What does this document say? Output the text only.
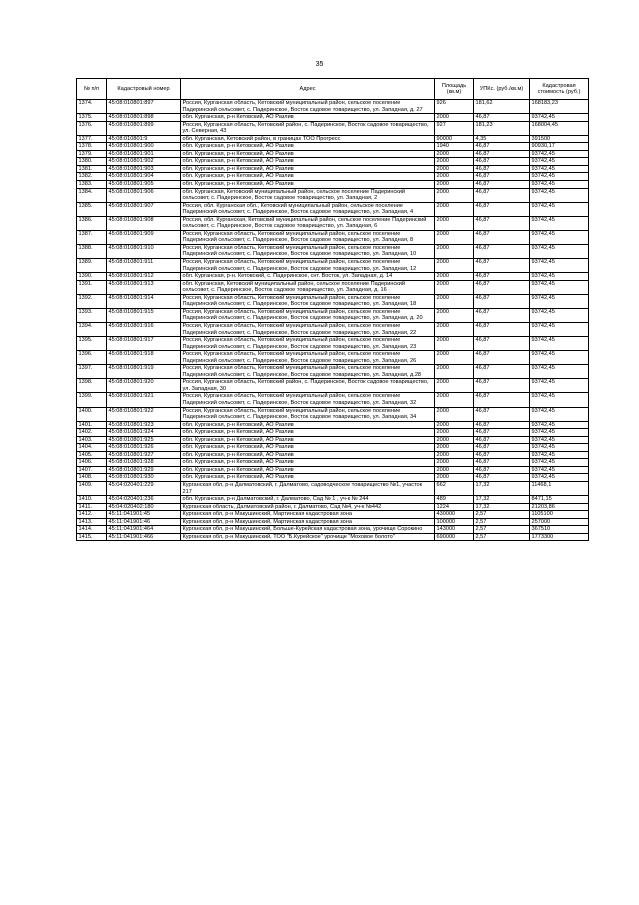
35
№ п/п	Кадастровый номер	Адрес	Площадь (кв.м)	УПКс. (руб./кв.м)	Кадастровая стоимость (руб.)
1374.	45:08:010801:897	Россия, Курганская область, Кетовский муниципальный район, сельское поселение Падеринский сельсовет, с. Падеринское, Восток садовое товарищество, ул. Западная, д. 27	926	181,62	168183,23
1375.	45:08:010801:898	обл. Курганская, р-н Кетовский, АО Разлив	2000	46,87	93742,45
1376.	45:08:010801:899	Россия, Курганская область, Кетовский район, с. Падеринское, Восток садовое товарищество, ул. Северная, 43	927	181,23	168004,45
1377.	45:08:010801:9	обл. Курганская, Кетовский район, в границах ТОО Прогресс	90000	4,35	391500
1378.	45:08:010801:900	обл. Курганская, р-н Кетовский, АО Разлив	1940	46,87	90930,17
1379.	45:08:010801:901	обл. Курганская, р-н Кетовский, АО Разлив	2000	46,87	93742,45
1380.	45:08:010801:902	обл. Курганская, р-н Кетовский, АО Разлив	2000	46,87	93742,45
1381.	45:08:010801:903	обл. Курганская, р-н Кетовский, АО Разлив	2000	46,87	93742,45
1382.	45:08:010801:904	обл. Курганская, р-н Кетовский, АО Разлив	2000	46,87	93742,45
1383.	45:08:010801:905	обл. Курганская, р-н Кетовский, АО Разлив	2000	46,87	93742,45
1384.	45:08:010801:906	обл. Курганская, Кетовский муниципальный район, сельское поселение Падеринский сельсовет, с. Падеринское, Восток садовое товарищество, ул. Западная, 2	2000	46,87	93742,45
1385.	45:08:010801:907	Россия, обл. Курганская обл., Кетовский муниципальный район, сельское поселение Падеринский сельсовет, с. Падеринское, Восток садовое товарищество, ул. Западная, 4	2000	46,87	93742,45
1386.	45:08:010801:908	Россия, обл. Курганская, Кетовский муниципальный район, сельское поселение Падеринский сельсовет, с. Падеринское, Восток садовое товарищество, ул. Западная, 6	2000	46,87	93742,45
1387.	45:08:010801:909	Россия, Курганская область, Кетовский муниципальный район, сельское поселение Падеринский сельсовет, с. Падеринское, Восток садовое товарищество, ул. Западная, 8	2000	46,87	93742,45
1388.	45:08:010801:910	Россия, Курганская область, Кетовский муниципальный район, сельское поселение Падеринский сельсовет, с. Падеринское, Восток садовое товарищество, ул. Западная, 10	2000	46,87	93742,45
1389.	45:08:010801:911	Россия, Курганская область, Кетовский муниципальный район, сельское поселение Падеринский сельсовет, с. Падеринское, Восток садовое товарищество, ул. Западная, 12	2000	46,87	93742,45
1390.	45:08:010801:912	обл. Курганская, р-н. Кетовский, с. Падеринское, снт. Восток, ул. Западная, д. 14	2000	46,87	93742,45
1391.	45:08:010801:913	обл. Курганская, Кетовский муниципальный район, сельское поселение Падеринский сельсовет, с. Падеринское, Восток садовое товарищество, ул. Западная, д. 16	2000	46,87	93742,45
1392.	45:08:010801:914	Россия, Курганская область, Кетовский муниципальный район, сельское поселение Падеринский сельсовет, с. Падеринское, Восток садовое товарищество, ул. Западная, 18	2000	46,87	93742,45
1393.	45:08:010801:915	Россия, Курганская область, Кетовский муниципальный район, сельское поселение Падеринский сельсовет, с. Падеринское, Восток садовое товарищество, ул. Западная, д. 20	2000	46,87	93742,45
1394.	45:08:010801:916	Россия, Курганская область, Кетовский муниципальный район, сельское поселение Падеринский сельсовет, с. Падеринское, Восток садовое товарищество, ул. Западная, 22	2000	46,87	93742,45
1395.	45:08:010801:917	Россия, Курганская область, Кетовский муниципальный район, сельское поселение Падеринский сельсовет, с. Падеринское, Восток садовое товарищество, ул. Западная, 23	2000	46,87	93742,45
1396.	45:08:010801:918	Россия, Курганская область, Кетовский муниципальный район, сельское поселение Падеринский сельсовет, с. Падеринское, Восток садовое товарищество, ул. Западная, 26	2000	46,87	93742,45
1397.	45:08:010801:919	Россия, Курганская область, Кетовский муниципальный район, сельское поселение Падеринский сельсовет, с. Падеринское, Восток садовое товарищество, ул. Западная, д.28	2000	46,87	93742,45
1398.	45:08:010801:920	Россия, Курганская область, Кетовский район, с. Падеринское, Восток садовое товарищество, ул. Западная, 30	2000	46,87	93742,45
1399.	45:08:010801:921	Россия, Курганская область, Кетовский муниципальный район, сельское поселение Падеринский сельсовет, с. Падеринское, Восток садовое товарищество, ул. Западная, 32	2000	46,87	93742,45
1400.	45:08:010801:922	Россия, Курганская область, Кетовский муниципальный район, сельское поселение Падеринский сельсовет, с. Падеринское, Восток садовое товарищество, ул. Западная, 34	2000	46,87	93742,45
1401.	45:08:010801:923	обл. Курганская, р-н Кетовский, АО Разлив	2000	46,87	93742,45
1402.	45:08:010801:924	обл. Курганская, р-н Кетовский, АО Разлив	2000	46,87	93742,45
1403.	45:08:010801:925	обл. Курганская, р-н Кетовский, АО Разлив	2000	46,87	93742,45
1404.	45:08:010801:926	обл. Курганская, р-н Кетовский, АО Разлив	2000	46,87	93742,45
1405.	45:08:010801:927	обл. Курганская, р-н Кетовский, АО Разлив	2000	46,87	93742,45
1406.	45:08:010801:928	обл. Курганская, р-н Кетовский, АО Разлив	2000	46,87	93742,45
1407.	45:08:010801:929	обл. Курганская, р-н Кетовский, АО Разлив	2000	46,87	93742,45
1408.	45:08:010801:930	обл. Курганская, р-н Кетовский, АО Разлив	2000	46,87	93742,45
1409.	45:04:020401:229	Курганская обл, р-н Далматовский, г. Далматово, садоводческое товарищество №1, участок 217	662	17,32	11468,1
1410.	45:04:020401:236	обл. Курганская, р-н Далматовский, г. Далматово, Сад № 1 , уч-к № 244	489	17,32	8471,15
1411.	45:04:020402:180	Курганская область, Далматовский район, г. Далматово, Сад №4, уч-к №442	1224	17,32	21203,86
1412.	45:11:041901:45	Курганская обл, р-н Макушинский, Мартинская кадастровая зона	430000	2,57	1105100
1413.	45:11:041901:46	Курганская обл, р-н Макушинский, Мартинская кадастровая зона	100000	2,57	257000
1414.	45:11:041901:464	Курганская обл, р-н Макушинский, Больше-Курейская кадастровая зона, урочище Сорокино	143000	2,57	367510
1415.	45:11:041901:466	Курганская обл, р-н Макушинский, ТОО "Б.Курейское" урочище "Моховое болото"	690000	2,57	1773300
